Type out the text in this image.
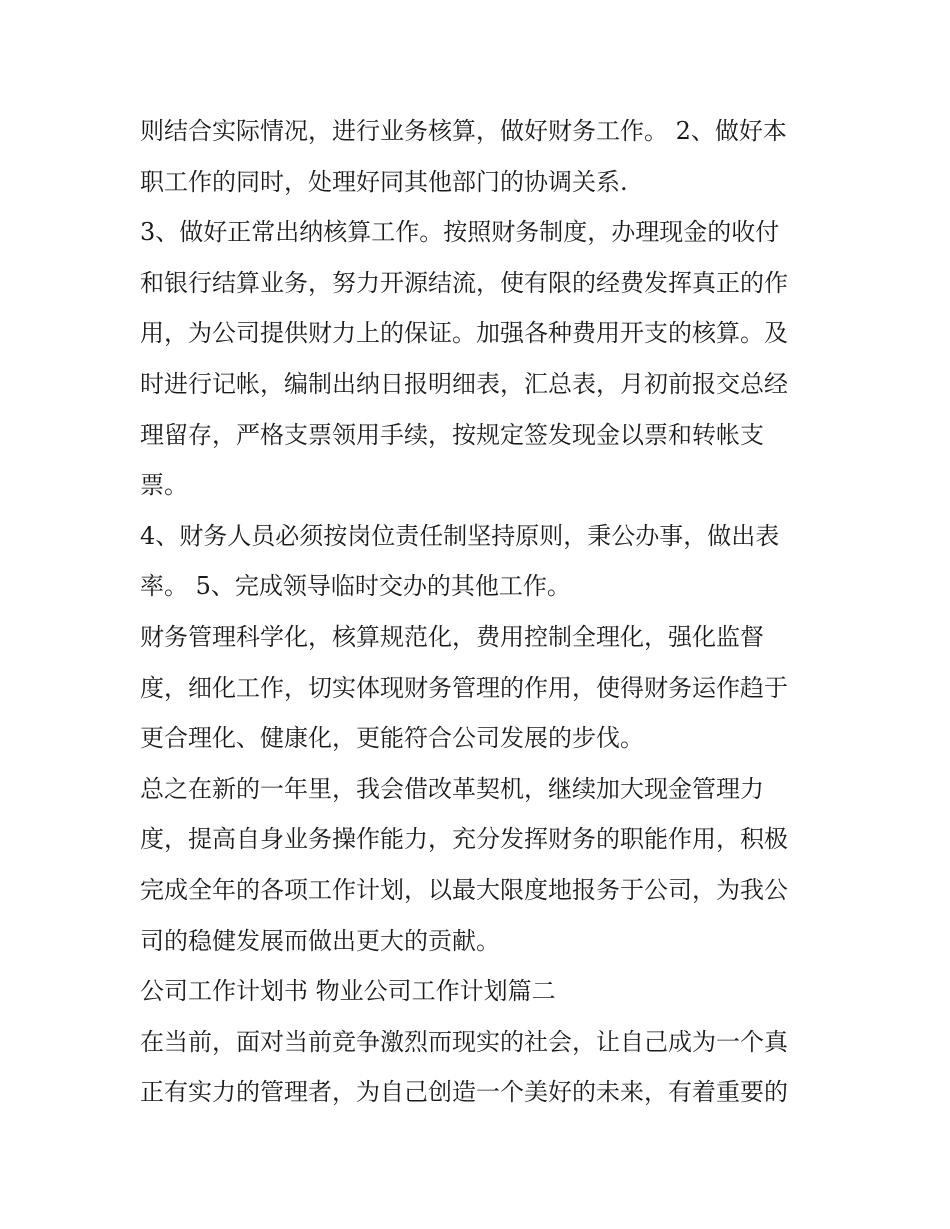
则结合实际情况，进行业务核算，做好财务工作。 2、做好本
职工作的同时，处理好同其他部门的协调关系.
3、做好正常出纳核算工作。按照财务制度，办理现金的收付
和银行结算业务，努力开源结流，使有限的经费发挥真正的作
用，为公司提供财力上的保证。加强各种费用开支的核算。及
时进行记帐，编制出纳日报明细表，汇总表，月初前报交总经
理留存，严格支票领用手续，按规定签发现金以票和转帐支
票。
4、财务人员必须按岗位责任制坚持原则，秉公办事，做出表
率。 5、完成领导临时交办的其他工作。
财务管理科学化，核算规范化，费用控制全理化，强化监督
度，细化工作，切实体现财务管理的作用，使得财务运作趋于
更合理化、健康化，更能符合公司发展的步伐。
总之在新的一年里，我会借改革契机，继续加大现金管理力
度，提高自身业务操作能力，充分发挥财务的职能作用，积极
完成全年的各项工作计划，以最大限度地报务于公司，为我公
司的稳健发展而做出更大的贡献。
公司工作计划书 物业公司工作计划篇二
在当前，面对当前竞争激烈而现实的社会，让自己成为一个真
正有实力的管理者，为自己创造一个美好的未来，有着重要的
